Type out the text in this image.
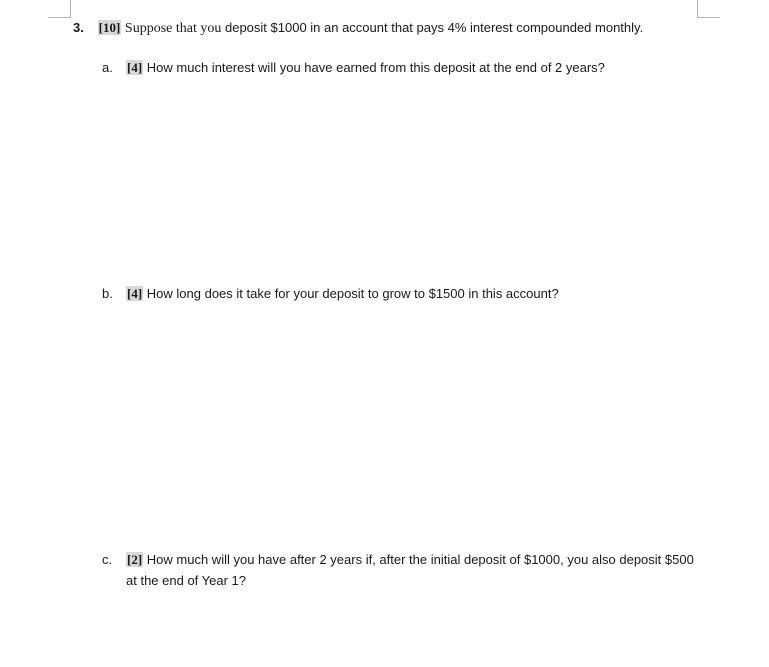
3. [10] Suppose that you deposit $1000 in an account that pays 4% interest compounded monthly.
a. [4] How much interest will you have earned from this deposit at the end of 2 years?
b. [4] How long does it take for your deposit to grow to $1500 in this account?
c. [2] How much will you have after 2 years if, after the initial deposit of $1000, you also deposit $500 at the end of Year 1?
